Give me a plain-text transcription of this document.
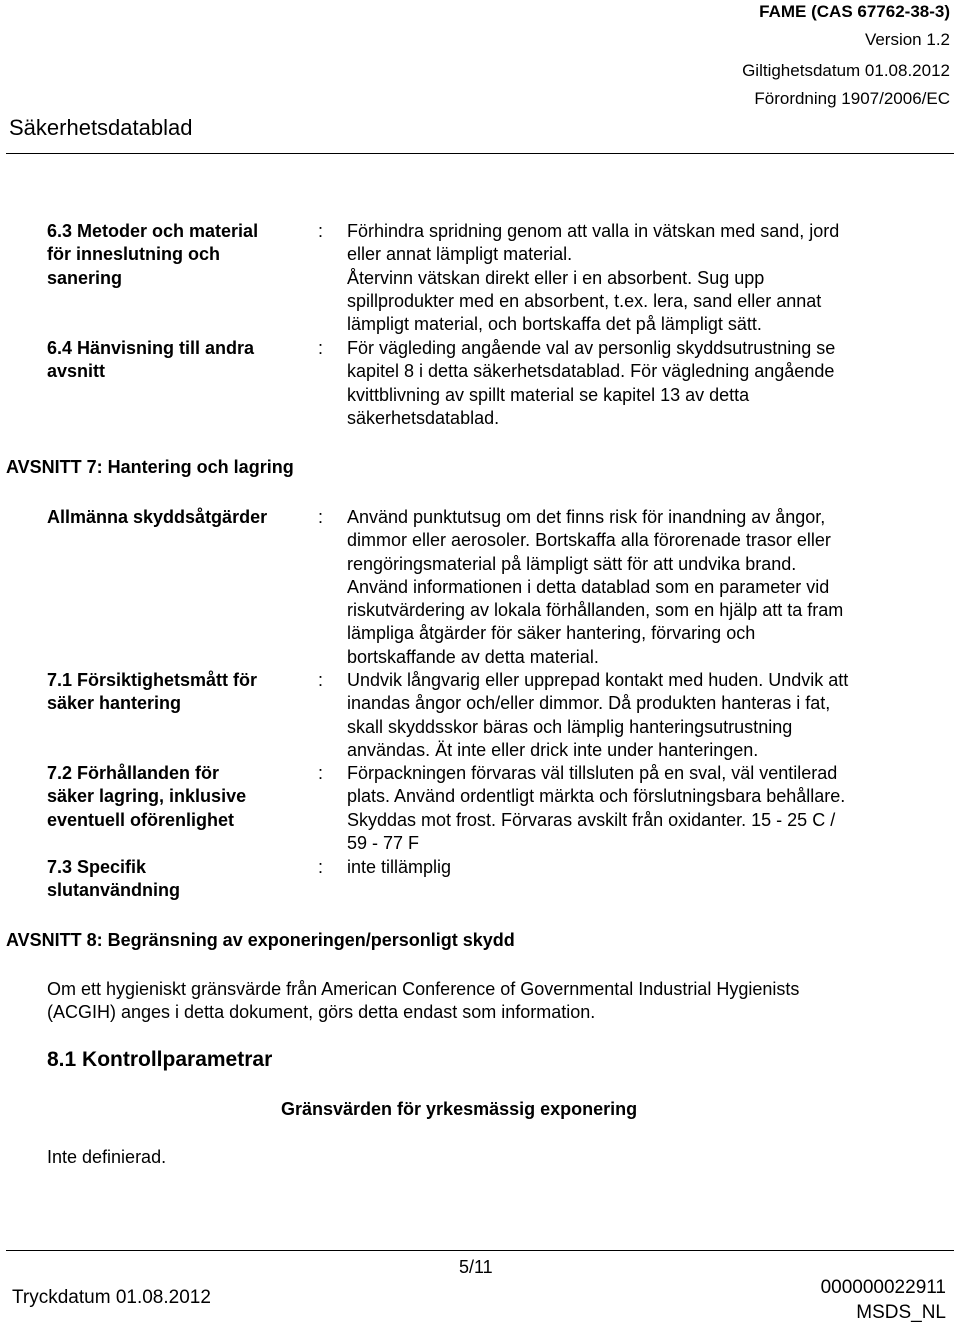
FAME (CAS 67762-38-3)
Version 1.2
Giltighetsdatum 01.08.2012
Förordning 1907/2006/EC
Säkerhetsdatablad
6.3 Metoder och material
för inneslutning och
sanering
: Förhindra spridning genom att valla in vätskan med sand, jord
eller annat lämpligt material.
Återvinn vätskan direkt eller i en absorbent. Sug upp
spillprodukter med en absorbent, t.ex. lera, sand eller annat
lämpligt material, och bortskaffa det på lämpligt sätt.
6.4 Hänvisning till andra
avsnitt
: För vägleding angående val av personlig skyddsutrustning se
kapitel 8 i detta säkerhetsdatablad. För vägledning angående
kvittblivning av spillt material se kapitel 13 av detta
säkerhetsdatablad.
AVSNITT 7: Hantering och lagring
Allmänna skyddsåtgärder	: Använd punktutsug om det finns risk för inandning av ångor,
dimmor eller aerosoler. Bortskaffa alla förorenade trasor eller
rengöringsmaterial på lämpligt sätt för att undvika brand.
Använd informationen i detta datablad som en parameter vid
riskutvärdering av lokala förhållanden, som en hjälp att ta fram
lämpliga åtgärder för säker hantering, förvaring och
bortskaffande av detta material.
7.1 Försiktighetsmått för
säker hantering
: Undvik långvarig eller upprepad kontakt med huden. Undvik att
inandas ångor och/eller dimmor. Då produkten hanteras i fat,
skall skyddsskor bäras och lämplig hanteringsutrustning
användas. Ät inte eller drick inte under hanteringen.
7.2 Förhållanden för
säker lagring, inklusive
eventuell oförenlighet
: Förpackningen förvaras väl tillsluten på en sval, väl ventilerad
plats. Använd ordentligt märkta och förslutningsbara behållare.
Skyddas mot frost. Förvaras avskilt från oxidanter. 15 - 25 C /
59 - 77 F
7.3 Specifik
slutanvändning
: inte tillämplig
AVSNITT 8: Begränsning av exponeringen/personligt skydd
Om ett hygieniskt gränsvärde från American Conference of Governmental Industrial Hygienists
(ACGIH) anges i detta dokument, görs detta endast som information.
8.1 Kontrollparametrar
Gränsvärden för yrkesmässig exponering
Inte definierad.
5/11
Tryckdatum 01.08.2012	000000022911
MSDS_NL
